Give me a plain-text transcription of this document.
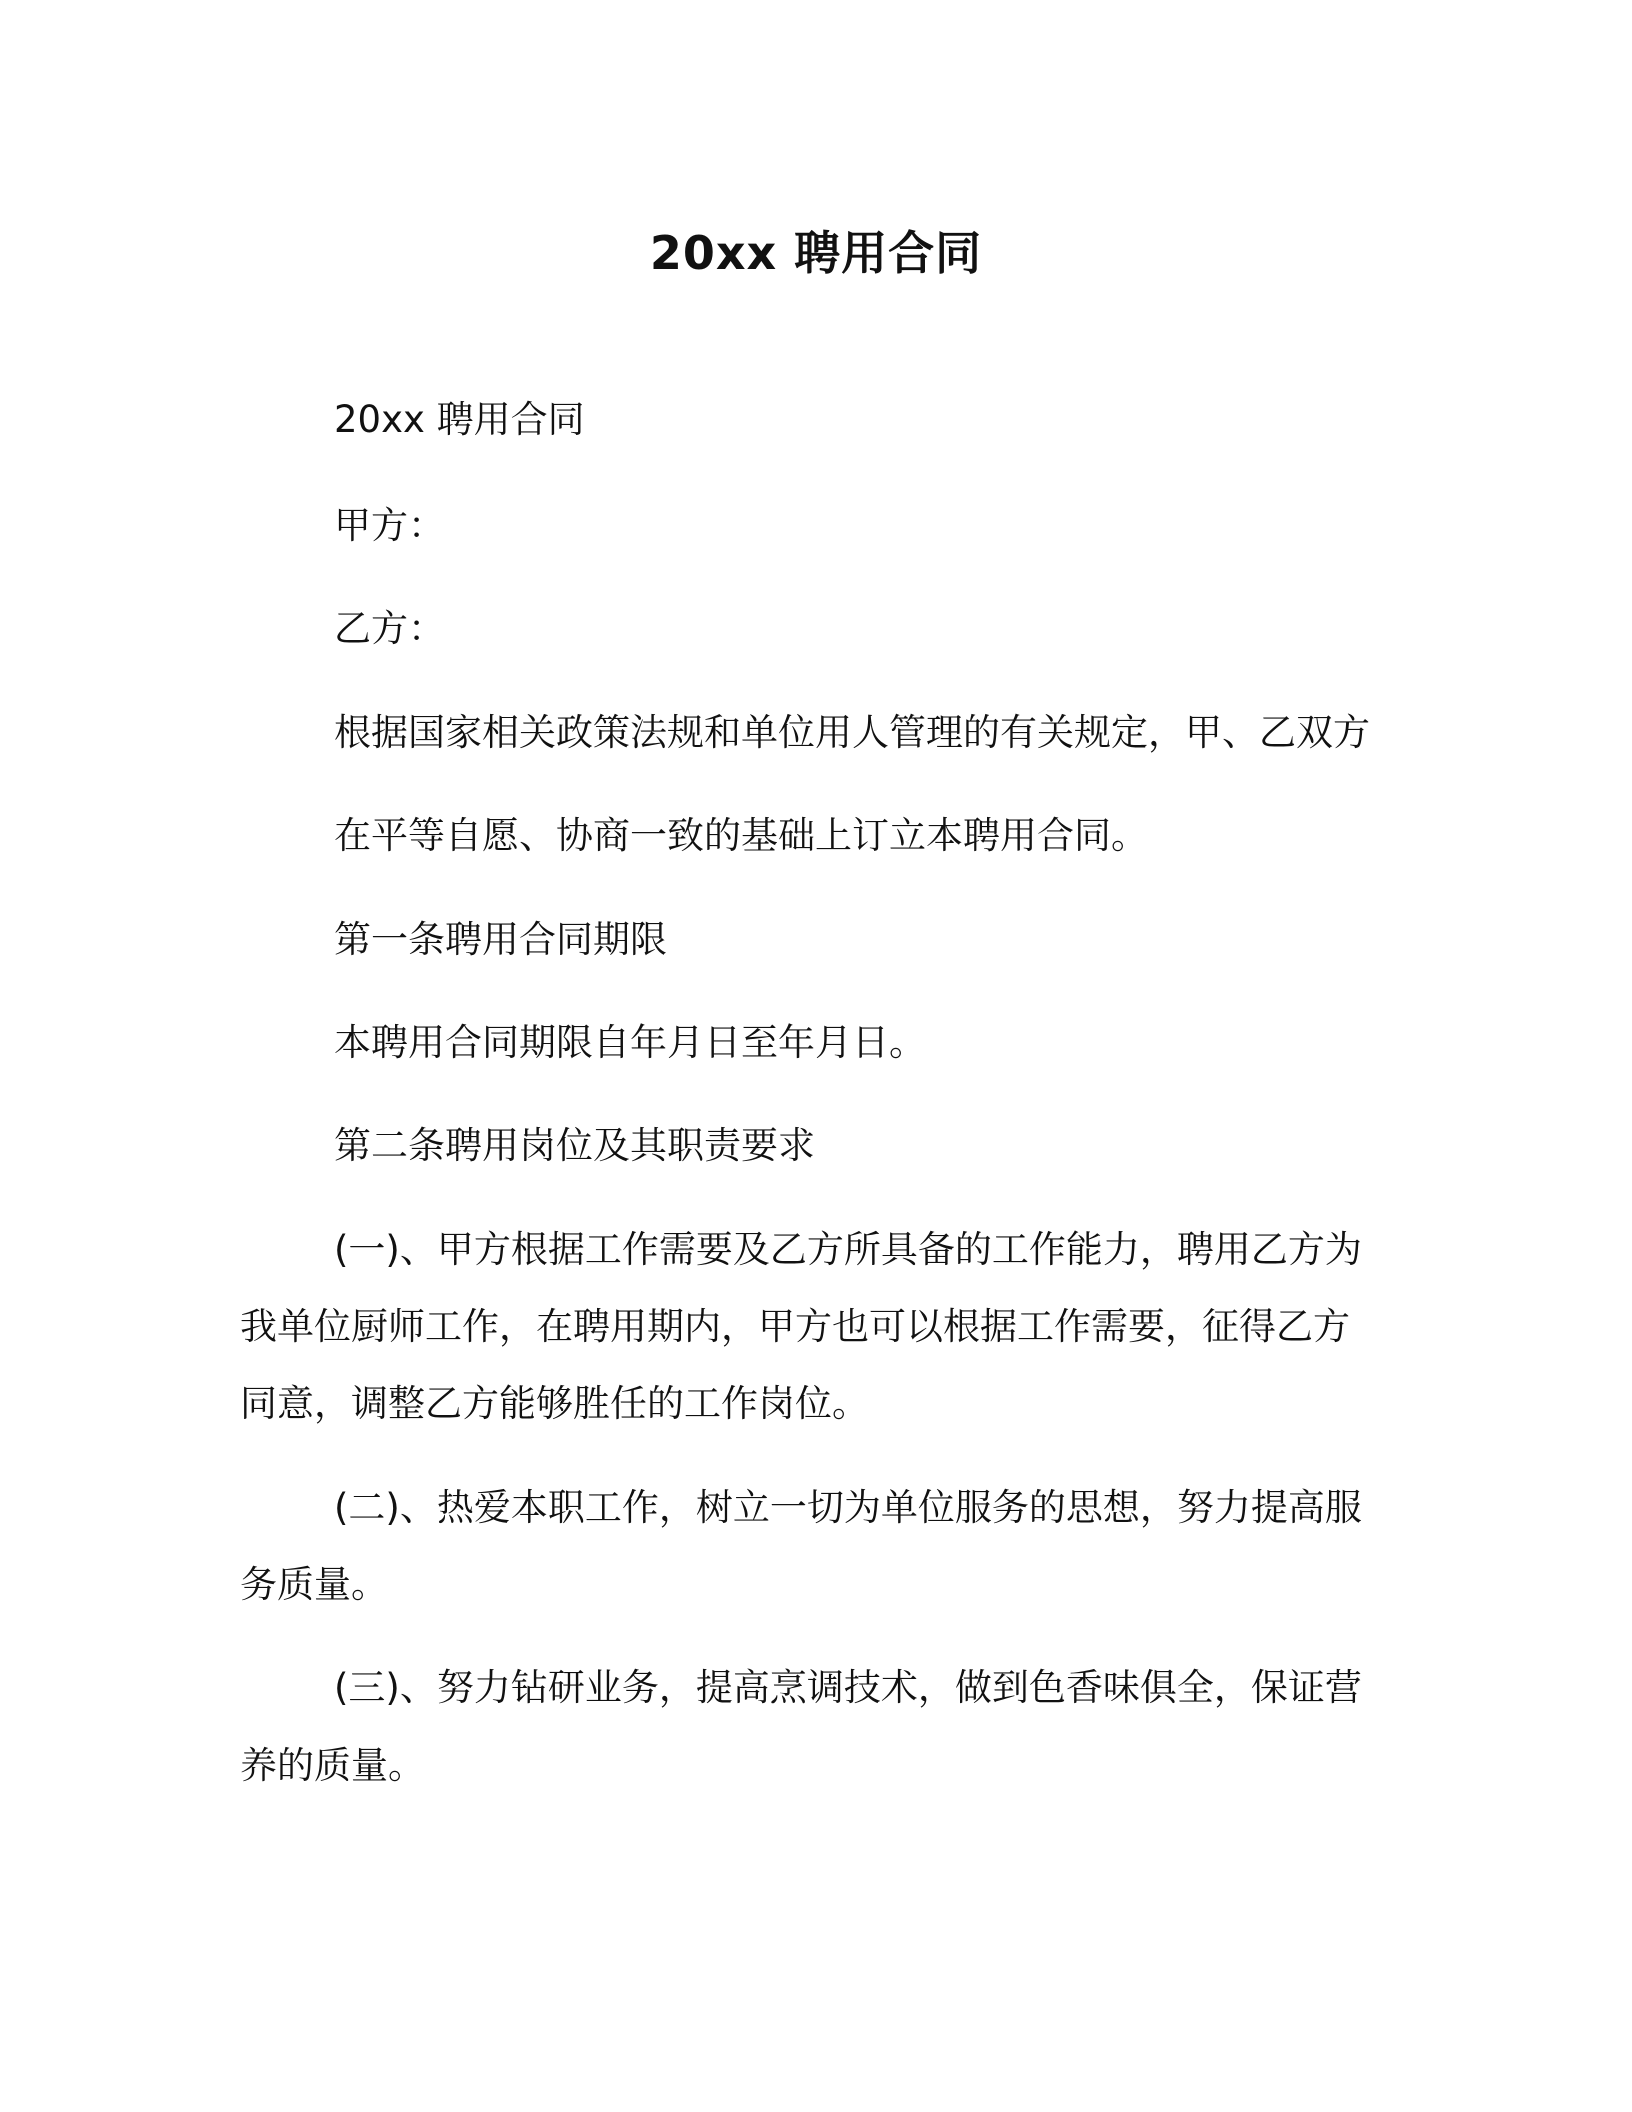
20xx 聘用合同
20xx 聘用合同
甲方：
乙方：
根据国家相关政策法规和单位用人管理的有关规定，甲、乙双方
在平等自愿、协商一致的基础上订立本聘用合同。
第一条聘用合同期限
本聘用合同期限自年月日至年月日。
第二条聘用岗位及其职责要求
(一)、甲方根据工作需要及乙方所具备的工作能力，聘用乙方为
我单位厨师工作，在聘用期内，甲方也可以根据工作需要，征得乙方
同意，调整乙方能够胜任的工作岗位。
(二)、热爱本职工作，树立一切为单位服务的思想，努力提高服
务质量。
(三)、努力钻研业务，提高烹调技术，做到色香味俱全，保证营
养的质量。
